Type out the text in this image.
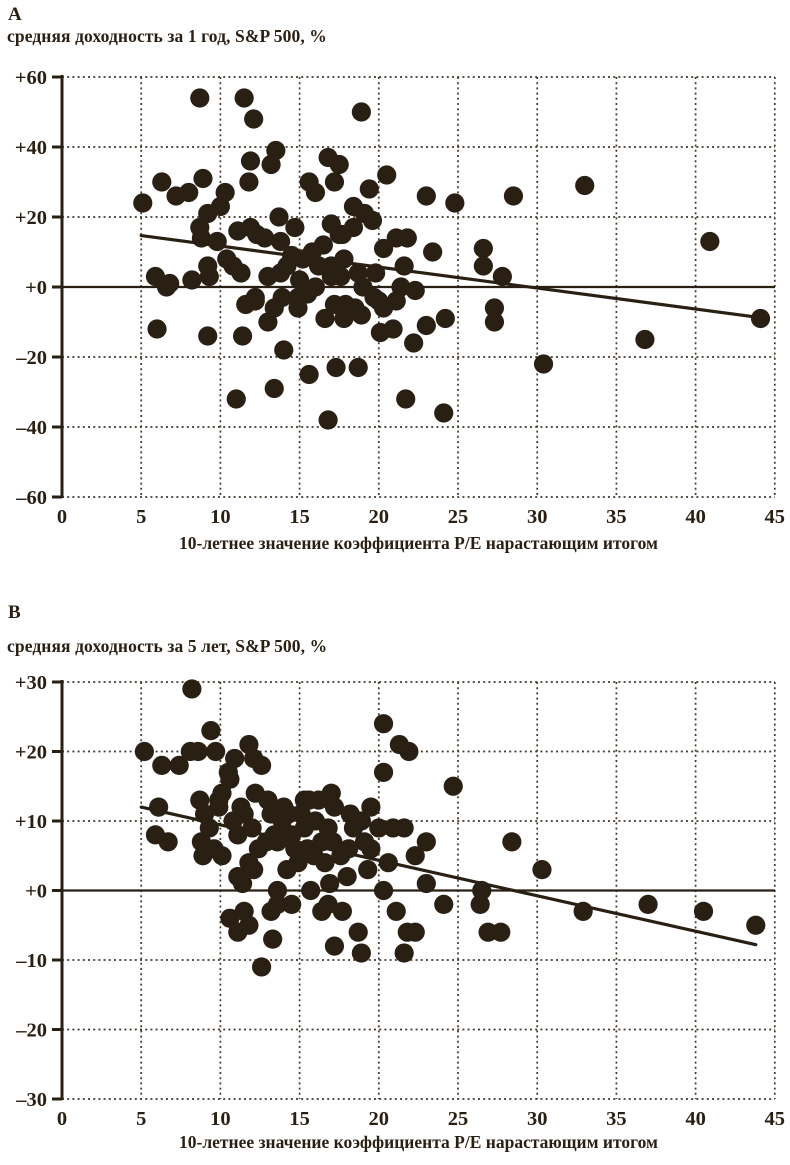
А
средняя доходность за 1 год, S&P 500, %
+60
+40
+20
+0
–20
–40
–60
0	5	10	15	20	25	30	35	40	45
10-летнее значение коэффициента P/E нарастающим итогом
В
средняя доходность за 5 лет, S&P 500, %
+30
+20
+10
+0
–10
–20
–30
0	5	10	15	20	25	30	35	40	45
10-летнее значение коэффициента P/E нарастающим итогом
